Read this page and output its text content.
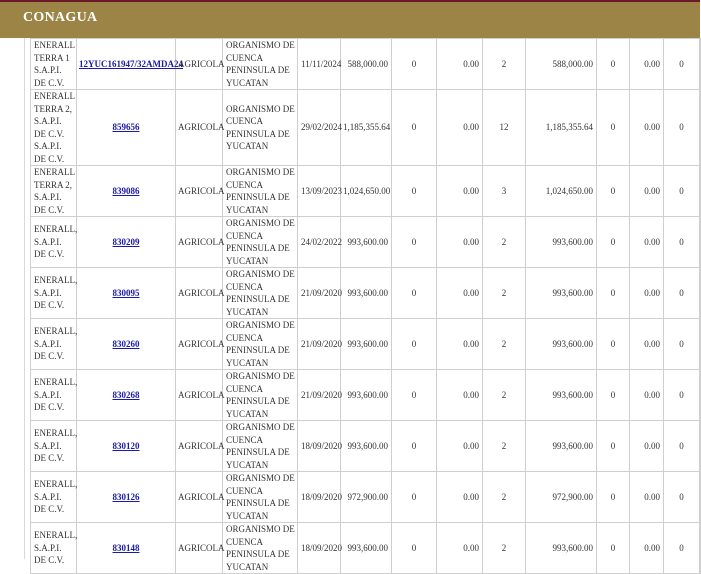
CONAGUA
ENERALL TERRA 1 S.A.P.I. DE C.V.	12YUC161947/32AMDA24	AGRICOLA	ORGANISMO DE CUENCA PENINSULA DE YUCATAN	11/11/2024	588,000.00	0	0.00	2	588,000.00	0	0.00	0	
ENERALL TERRA 2, S.A.P.I. DE C.V. S.A.P.I. DE C.V.	859656	AGRICOLA	ORGANISMO DE CUENCA PENINSULA DE YUCATAN	29/02/2024	1,185,355.64	0	0.00	12	1,185,355.64	0	0.00	0	
ENERALL TERRA 2, S.A.P.I. DE C.V.	839086	AGRICOLA	ORGANISMO DE CUENCA PENINSULA DE YUCATAN	13/09/2023	1,024,650.00	0	0.00	3	1,024,650.00	0	0.00	0	
ENERALL, S.A.P.I. DE C.V.	830209	AGRICOLA	ORGANISMO DE CUENCA PENINSULA DE YUCATAN	24/02/2022	993,600.00	0	0.00	2	993,600.00	0	0.00	0	
ENERALL, S.A.P.I. DE C.V.	830095	AGRICOLA	ORGANISMO DE CUENCA PENINSULA DE YUCATAN	21/09/2020	993,600.00	0	0.00	2	993,600.00	0	0.00	0	
ENERALL, S.A.P.I. DE C.V.	830260	AGRICOLA	ORGANISMO DE CUENCA PENINSULA DE YUCATAN	21/09/2020	993,600.00	0	0.00	2	993,600.00	0	0.00	0	
ENERALL, S.A.P.I. DE C.V.	830268	AGRICOLA	ORGANISMO DE CUENCA PENINSULA DE YUCATAN	21/09/2020	993,600.00	0	0.00	2	993,600.00	0	0.00	0	
ENERALL, S.A.P.I. DE C.V.	830120	AGRICOLA	ORGANISMO DE CUENCA PENINSULA DE YUCATAN	18/09/2020	993,600.00	0	0.00	2	993,600.00	0	0.00	0	
ENERALL, S.A.P.I. DE C.V.	830126	AGRICOLA	ORGANISMO DE CUENCA PENINSULA DE YUCATAN	18/09/2020	972,900.00	0	0.00	2	972,900.00	0	0.00	0	
ENERALL, S.A.P.I. DE C.V.	830148	AGRICOLA	ORGANISMO DE CUENCA PENINSULA DE YUCATAN	18/09/2020	993,600.00	0	0.00	2	993,600.00	0	0.00	0	
